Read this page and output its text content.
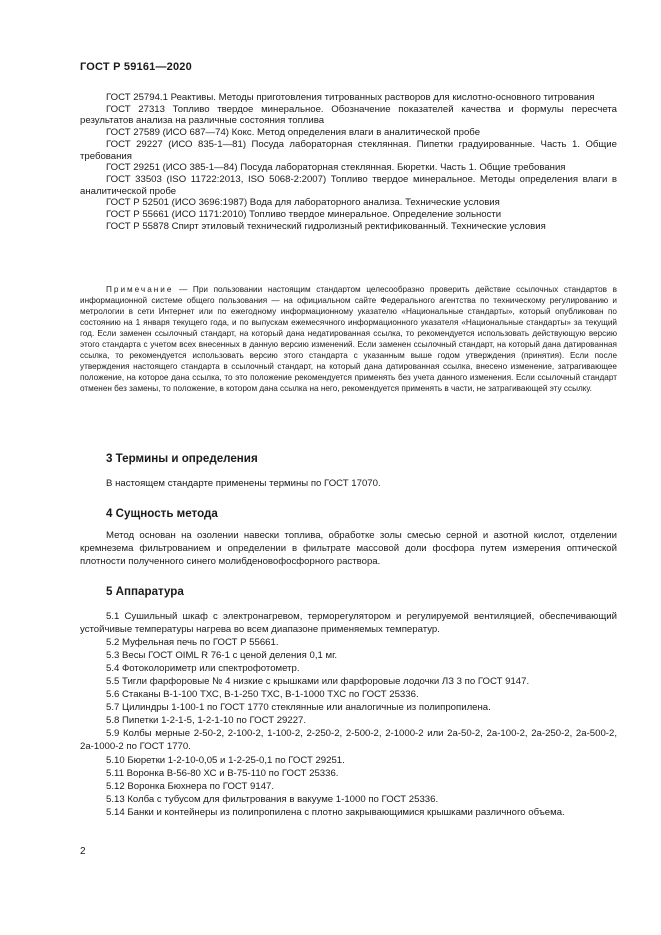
ГОСТ Р 59161—2020

ГОСТ 25794.1 Реактивы. Методы приготовления титрованных растворов для кислотно-основного титрования

ГОСТ 27313 Топливо твердое минеральное. Обозначение показателей качества и формулы пересчета результатов анализа на различные состояния топлива

ГОСТ 27589 (ИСО 687—74) Кокс. Метод определения влаги в аналитической пробе

ГОСТ 29227 (ИСО 835-1—81) Посуда лабораторная стеклянная. Пипетки градуированные. Часть 1. Общие требования

ГОСТ 29251 (ИСО 385-1—84) Посуда лабораторная стеклянная. Бюретки. Часть 1. Общие требования

ГОСТ 33503 (ISO 11722:2013, ISO 5068-2:2007) Топливо твердое минеральное. Методы определения влаги в аналитической пробе

ГОСТ Р 52501 (ИСО 3696:1987) Вода для лабораторного анализа. Технические условия

ГОСТ Р 55661 (ИСО 1171:2010) Топливо твердое минеральное. Определение зольности

ГОСТ Р 55878 Спирт этиловый технический гидролизный ректификованный. Технические условия

Примечание — При пользовании настоящим стандартом целесообразно проверить действие ссылочных стандартов в информационной системе общего пользования — на официальном сайте Федерального агентства по техническому регулированию и метрологии в сети Интернет или по ежегодному информационному указателю «Национальные стандарты», который опубликован по состоянию на 1 января текущего года, и по выпускам ежемесячного информационного указателя «Национальные стандарты» за текущий год. Если заменен ссылочный стандарт, на который дана недатированная ссылка, то рекомендуется использовать действующую версию этого стандарта с учетом всех внесенных в данную версию изменений. Если заменен ссылочный стандарт, на который дана датированная ссылка, то рекомендуется использовать версию этого стандарта с указанным выше годом утверждения (принятия). Если после утверждения настоящего стандарта в ссылочный стандарт, на который дана датированная ссылка, внесено изменение, затрагивающее положение, на которое дана ссылка, то это положение рекомендуется применять без учета данного изменения. Если ссылочный стандарт отменен без замены, то положение, в котором дана ссылка на него, рекомендуется применять в части, не затрагивающей эту ссылку.

3 Термины и определения

В настоящем стандарте применены термины по ГОСТ 17070.

4 Сущность метода

Метод основан на озолении навески топлива, обработке золы смесью серной и азотной кислот, отделении кремнезема фильтрованием и определении в фильтрате массовой доли фосфора путем измерения оптической плотности полученного синего молибденовофосфорного раствора.

5 Аппаратура

5.1 Сушильный шкаф с электронагревом, терморегулятором и регулируемой вентиляцией, обеспечивающий устойчивые температуры нагрева во всем диапазоне применяемых температур.

5.2 Муфельная печь по ГОСТ Р 55661.

5.3 Весы ГОСТ OIML R 76-1 с ценой деления 0,1 мг.

5.4 Фотоколориметр или спектрофотометр.

5.5 Тигли фарфоровые № 4 низкие с крышками или фарфоровые лодочки ЛЗ 3 по ГОСТ 9147.

5.6 Стаканы В-1-100 ТХС, В-1-250 ТХС, В-1-1000 ТХС по ГОСТ 25336.

5.7 Цилиндры 1-100-1 по ГОСТ 1770 стеклянные или аналогичные из полипропилена.

5.8 Пипетки 1-2-1-5, 1-2-1-10 по ГОСТ 29227.

5.9 Колбы мерные 2-50-2, 2-100-2, 1-100-2, 2-250-2, 2-500-2, 2-1000-2 или 2а-50-2, 2а-100-2, 2а-250-2, 2а-500-2, 2а-1000-2 по ГОСТ 1770.

5.10 Бюретки 1-2-10-0,05 и 1-2-25-0,1 по ГОСТ 29251.

5.11 Воронка В-56-80 ХС и В-75-110 по ГОСТ 25336.

5.12 Воронка Бюхнера по ГОСТ 9147.

5.13 Колба с тубусом для фильтрования в вакууме 1-1000 по ГОСТ 25336.

5.14 Банки и контейнеры из полипропилена с плотно закрывающимися крышками различного объема.

2
